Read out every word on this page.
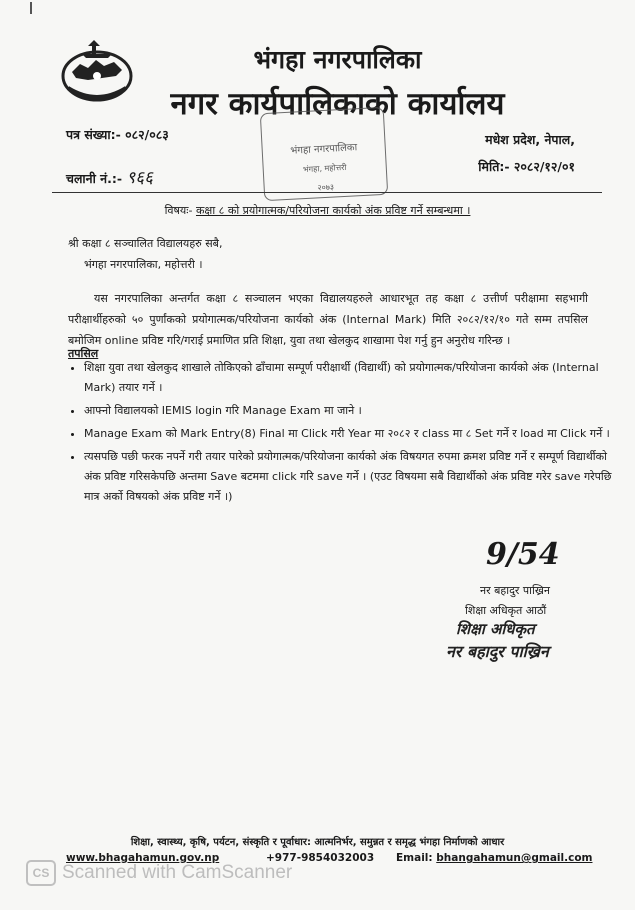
भंगहा नगरपालिका
नगर कार्यपालिकाको कार्यालय
पत्र संख्या:- ०८२/०८३
चलानी नं.:- ९६६
मधेश प्रदेश, नेपाल,
मिति:- २०८२/१२/०१
भंगहा नगरपालिका
भंगहा, महोत्तरी
२०७३
विषयः- कक्षा ८ को प्रयोगात्मक/परियोजना कार्यको अंक प्रविष्ट गर्ने सम्बन्धमा ।
श्री कक्षा ८ सञ्चालित विद्यालयहरु सबै,
भंगहा नगरपालिका, महोत्तरी ।
यस नगरपालिका अन्तर्गत कक्षा ८ सञ्चालन भएका विद्यालयहरुले आधारभूत तह कक्षा ८ उत्तीर्ण परीक्षामा सहभागी परीक्षार्थीहरुको ५० पुर्णांकको प्रयोगात्मक/परियोजना कार्यको अंक (Internal Mark) मिति २०८२/१२/१० गते सम्म तपसिल बमोजिम online प्रविष्ट गरि/गराई प्रमाणित प्रति शिक्षा, युवा तथा खेलकुद शाखामा पेश गर्नु हुन अनुरोध गरिन्छ ।
तपसिल
• शिक्षा युवा तथा खेलकुद शाखाले तोकिएको ढाँचामा सम्पूर्ण परीक्षार्थी (विद्यार्थी) को प्रयोगात्मक/परियोजना कार्यको अंक (Internal Mark) तयार गर्ने ।
• आफ्नो विद्यालयको IEMIS login गरि Manage Exam मा जाने ।
• Manage Exam को Mark Entry(8) Final मा Click गरी Year मा २०८२ र class मा ८ Set गर्ने र load मा Click गर्ने ।
• त्यसपछि पछी फरक नपर्ने गरी तयार पारेको प्रयोगात्मक/परियोजना कार्यको अंक विषयगत रुपमा क्रमश प्रविष्ट गर्ने र सम्पूर्ण विद्यार्थीको अंक प्रविष्ट गरिसकेपछि अन्तमा Save बटममा click गरि save गर्ने । (एउट विषयमा सबै विद्यार्थीको अंक प्रविष्ट गरेर save गरेपछि मात्र अर्को विषयको अंक प्रविष्ट गर्ने ।)
9/54
नर बहादुर पाख्रिन
शिक्षा अधिकृत आठौं
शिक्षा अधिकृत
नर बहादुर पाख्रिन
शिक्षा, स्वास्थ्य, कृषि, पर्यटन, संस्कृति र पूर्वाधार: आत्मनिर्भर, समुन्नत र समृद्ध भंगहा निर्माणको आधार
www.bhagahamun.gov.np	+977-9854032003 Email: bhangahamun@gmail.com
CS Scanned with CamScanner
